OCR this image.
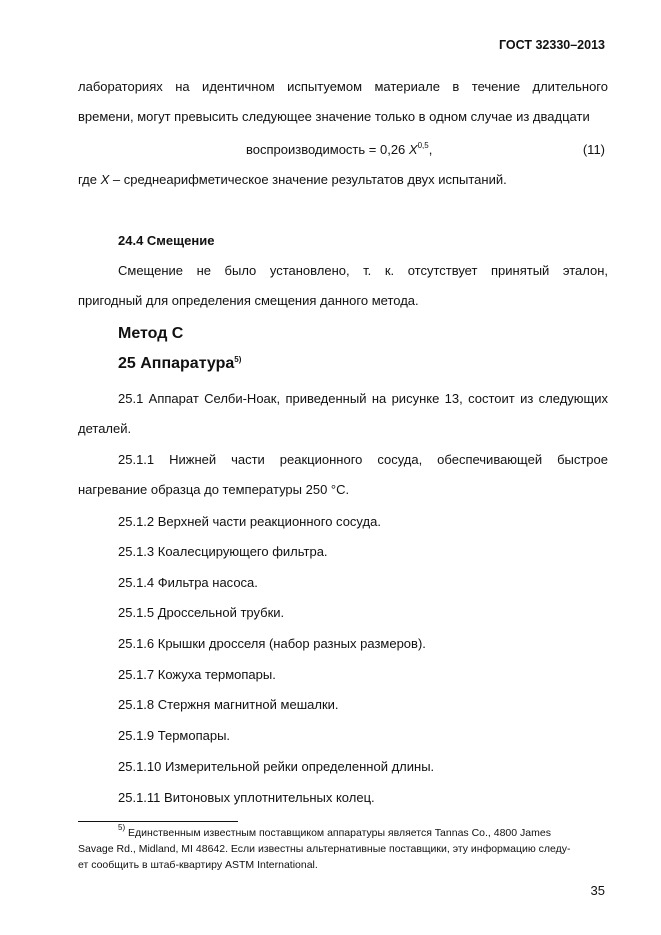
ГОСТ 32330–2013
лабораториях на идентичном испытуемом материале в течение длительного
времени, могут превысить следующее значение только в одном случае из двадцати
воспроизводимость = 0,26 X$^{0,5}$,	(11)
где X – среднеарифметическое значение результатов двух испытаний.
24.4 Смещение
Смещение не было установлено, т. к. отсутствует принятый эталон,
пригодный для определения смещения данного метода.
Метод С
25 Аппаратура$^{5)}$
25.1 Аппарат Селби-Ноак, приведенный на рисунке 13, состоит из следующих
деталей.
25.1.1 Нижней части реакционного сосуда, обеспечивающей быстрое
нагревание образца до температуры 250 °С.
25.1.2 Верхней части реакционного сосуда.
25.1.3 Коалесцирующего фильтра.
25.1.4 Фильтра насоса.
25.1.5 Дроссельной трубки.
25.1.6 Крышки дросселя (набор разных размеров).
25.1.7 Кожуха термопары.
25.1.8 Стержня магнитной мешалки.
25.1.9 Термопары.
25.1.10 Измерительной рейки определенной длины.
25.1.11 Витоновых уплотнительных колец.
$^{5)}$ Единственным известным поставщиком аппаратуры является Tannas Co., 4800 James
Savage Rd., Midland, MI 48642. Если известны альтернативные поставщики, эту информацию следу-
ет сообщить в штаб-квартиру ASTM International.
35
